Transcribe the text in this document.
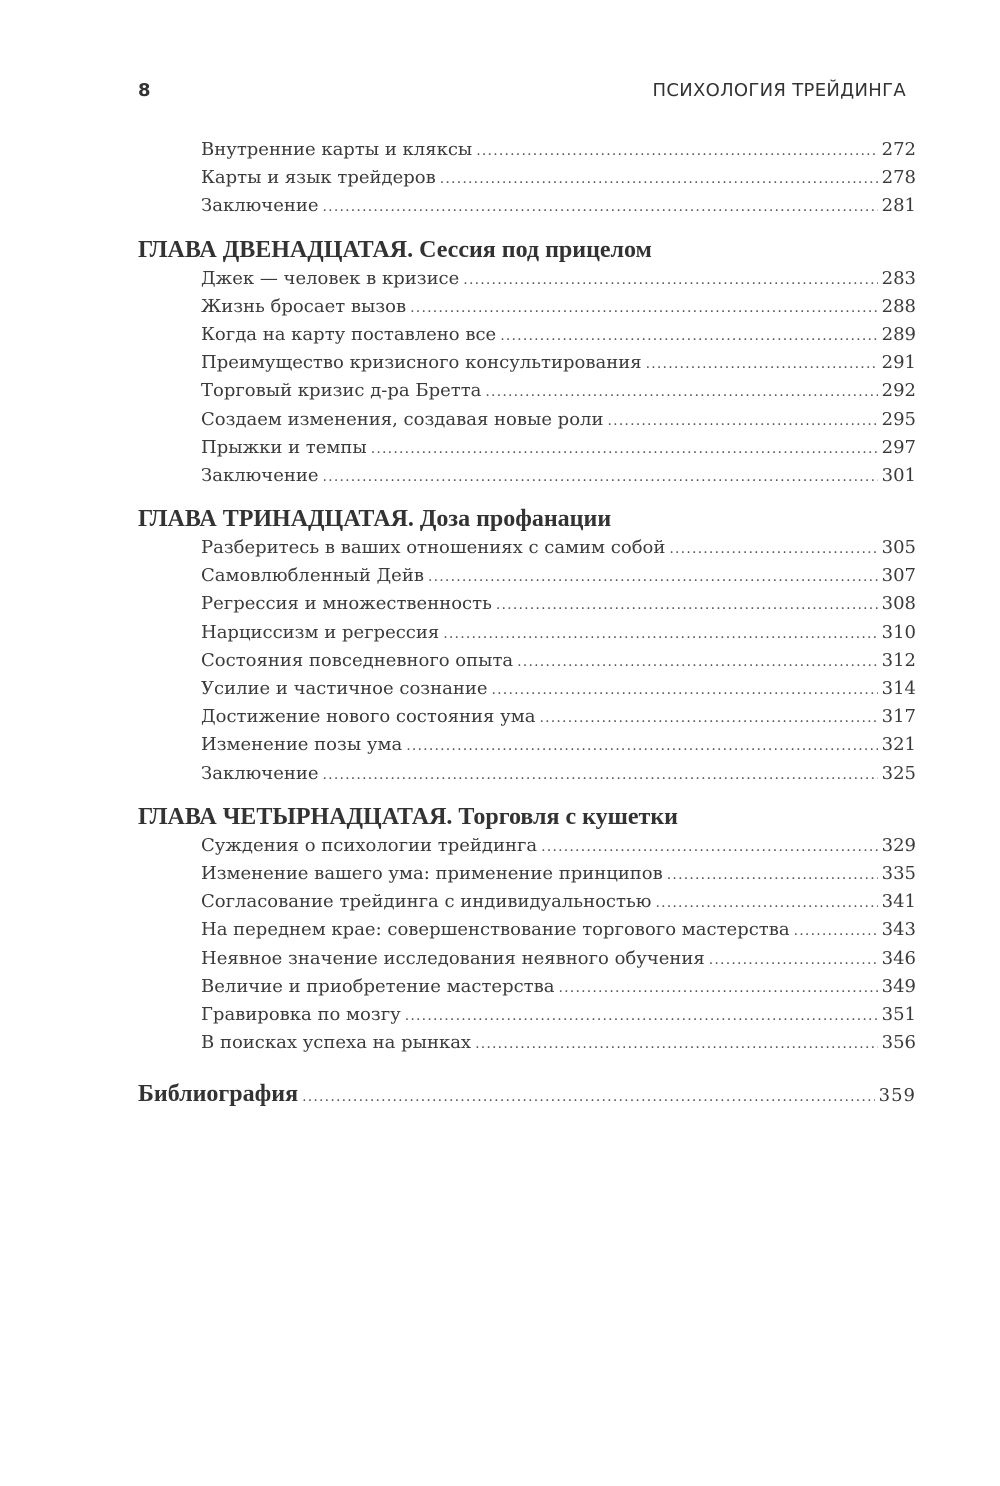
8	ПСИХОЛОГИЯ ТРЕЙДИНГА
Внутренние карты и кляксы .....	272
Карты и язык трейдеров .....	278
Заключение .....	281
ГЛАВА ДВЕНАДЦАТАЯ. Сессия под прицелом
Джек — человек в кризисе .....	283
Жизнь бросает вызов .....	288
Когда на карту поставлено все .....	289
Преимущество кризисного консультирования .....	291
Торговый кризис д-ра Бретта .....	292
Создаем изменения, создавая новые роли .....	295
Прыжки и темпы .....	297
Заключение .....	301
ГЛАВА ТРИНАДЦАТАЯ. Доза профанации
Разберитесь в ваших отношениях с самим собой .....	305
Самовлюбленный Дейв .....	307
Регрессия и множественность .....	308
Нарциссизм и регрессия .....	310
Состояния повседневного опыта .....	312
Усилие и частичное сознание .....	314
Достижение нового состояния ума .....	317
Изменение позы ума .....	321
Заключение .....	325
ГЛАВА ЧЕТЫРНАДЦАТАЯ. Торговля с кушетки
Суждения о психологии трейдинга .....	329
Изменение вашего ума: применение принципов .....	335
Согласование трейдинга с индивидуальностью .....	341
На переднем крае: совершенствование торгового мастерства .....	343
Неявное значение исследования неявного обучения .....	346
Величие и приобретение мастерства .....	349
Гравировка по мозгу .....	351
В поисках успеха на рынках .....	356
Библиография .....	359
